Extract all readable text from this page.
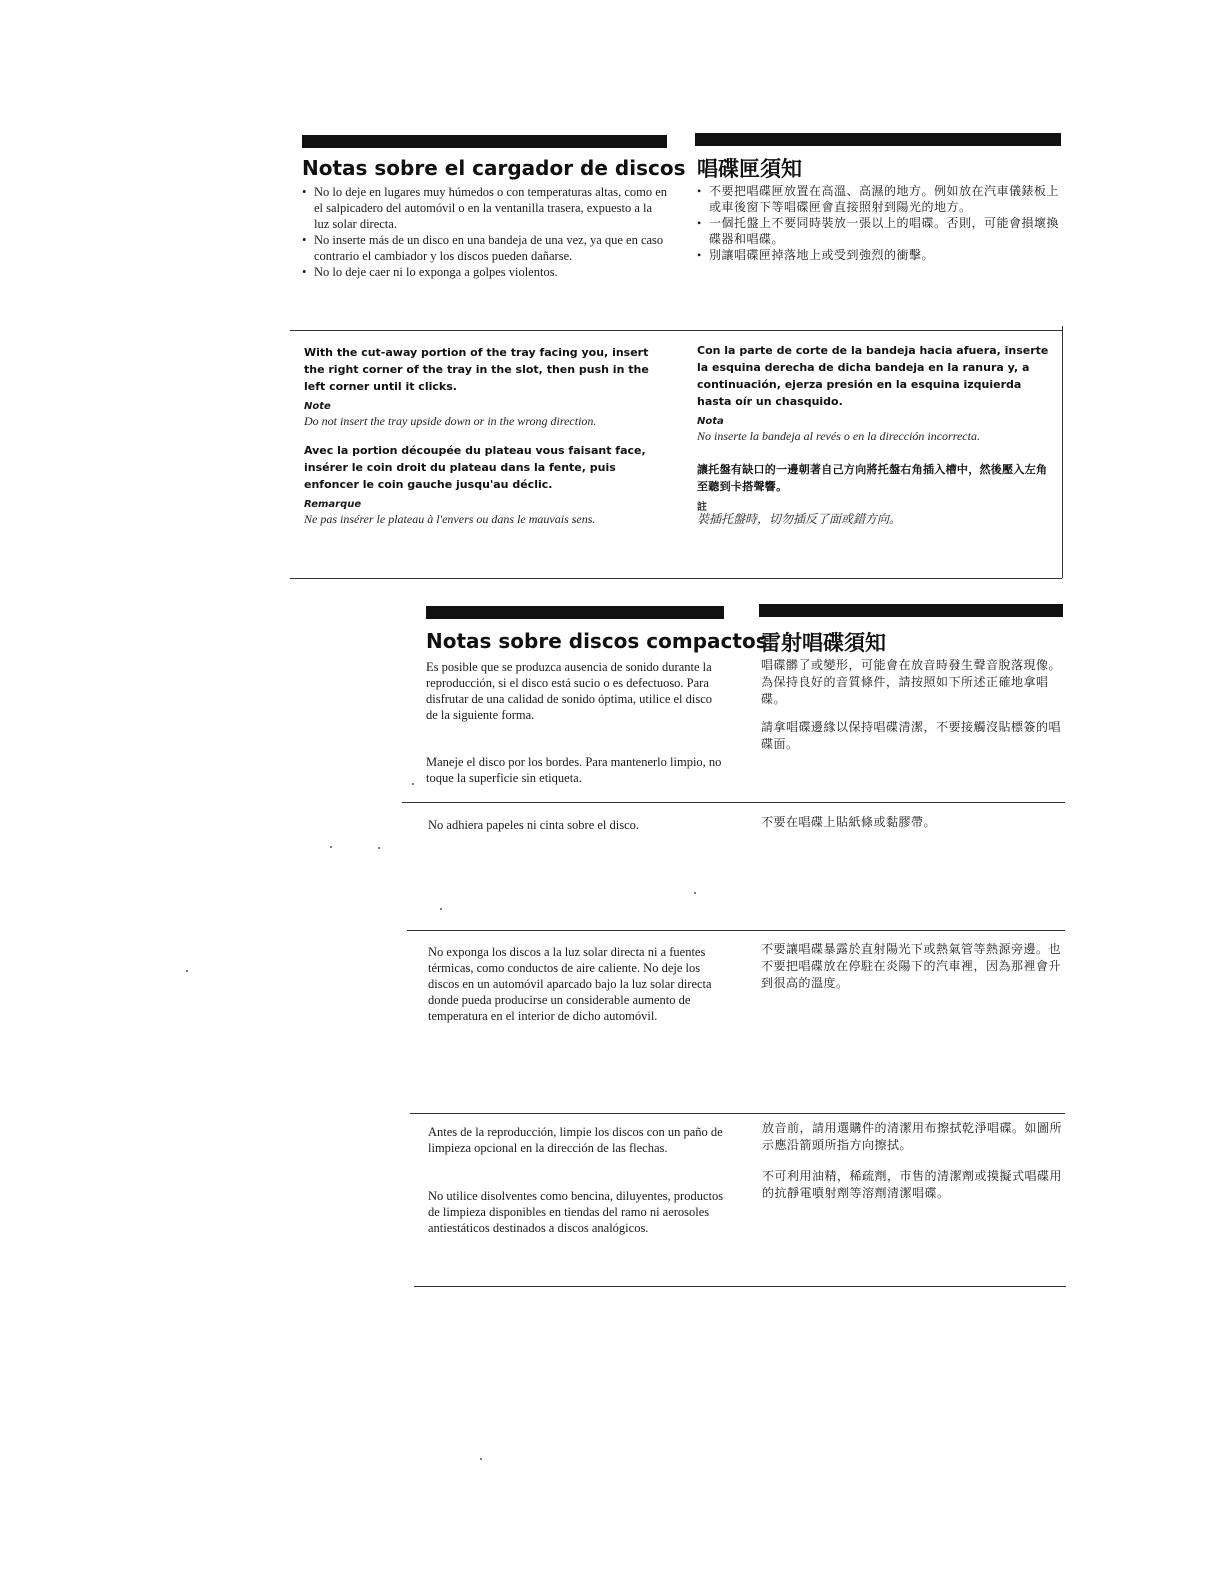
Notas sobre el cargador de discos 唱碟匣須知
• No lo deje en lugares muy húmedos o con temperaturas altas, como en el salpicadero del automóvil o en la ventanilla trasera, expuesto a la luz solar directa.
• No inserte más de un disco en una bandeja de una vez, ya que en caso contrario el cambiador y los discos pueden dañarse.
• No lo deje caer ni lo exponga a golpes violentos.
• 不要把唱碟匣放置在高溫、高濕的地方。例如放在汽車儀錶板上或車後窗下等唱碟匣會直接照射到陽光的地方。
• 一個托盤上不要同時裝放一張以上的唱碟。否則，可能會損壞換碟器和唱碟。
• 別讓唱碟匣掉落地上或受到強烈的衝擊。

With the cut-away portion of the tray facing you, insert the right corner of the tray in the slot, then push in the left corner until it clicks.

Note

Do not insert the tray upside down or in the wrong direction.

Avec la portion découpée du plateau vous faisant face, insérer le coin droit du plateau dans la fente, puis enfoncer le coin gauche jusqu'au déclic.

Remarque

Ne pas insérer le plateau à l'envers ou dans le mauvais sens.

Con la parte de corte de la bandeja hacia afuera, inserte la esquina derecha de dicha bandeja en la ranura y, a continuación, ejerza presión en la esquina izquierda hasta oír un chasquido.

Nota

No inserte la bandeja al revés o en la dirección incorrecta.

讓托盤有缺口的一邊朝著自己方向將托盤右角插入槽中，然後壓入左角至聽到卡搭聲響。

註

裝插托盤時，切勿插反了面或錯方向。

Notas sobre discos compactos
雷射唱碟須知

Es posible que se produzca ausencia de sonido durante la reproducción, si el disco está sucio o es defectuoso. Para disfrutar de una calidad de sonido óptima, utilice el disco de la siguiente forma.

Maneje el disco por los bordes. Para mantenerlo limpio, no toque la superficie sin etiqueta.

唱碟髒了或變形，可能會在放音時發生聲音脫落現像。為保持良好的音質條件，請按照如下所述正確地拿唱碟。

請拿唱碟邊緣以保持唱碟清潔，不要接觸沒貼標簽的唱碟面。

No adhiera papeles ni cinta sobre el disco.	不要在唱碟上貼紙條或黏膠帶。

No exponga los discos a la luz solar directa ni a fuentes térmicas, como conductos de aire caliente. No deje los discos en un automóvil aparcado bajo la luz solar directa donde pueda producirse un considerable aumento de temperatura en el interior de dicho automóvil.

不要讓唱碟暴露於直射陽光下或熱氣管等熱源旁邊。也不要把唱碟放在停駐在炎陽下的汽車裡，因為那裡會升到很高的溫度。

Antes de la reproducción, limpie los discos con un paño de limpieza opcional en la dirección de las flechas.

No utilice disolventes como bencina, diluyentes, productos de limpieza disponibles en tiendas del ramo ni aerosoles antiestáticos destinados a discos analógicos.

放音前，請用選購件的清潔用布擦拭乾淨唱碟。如圖所示應沿箭頭所指方向擦拭。

不可利用油精，稀疏劑，市售的清潔劑或摸擬式唱碟用的抗靜電噴射劑等溶劑清潔唱碟。
